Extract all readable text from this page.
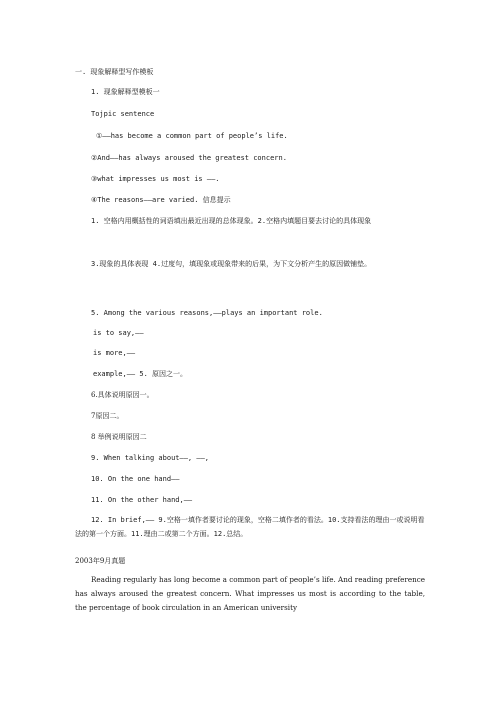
一. 现象解释型写作模板
1. 现象解释型模板一
Tojpic sentence
①——has become a common part of people’s life.
②And——has always aroused the greatest concern.
③what impresses us most is ——.
④The reasons——are varied. 信息提示
1. 空格内用概括性的词语填出最近出现的总体现象。2.空格内填题目要去讨论的具体现象
3.现象的具体表现 4.过度句，填现象或现象带来的后果，为下文分析产生的原因做铺垫。
5. Among the various reasons,——plays an important role.
is to say,——
is more,——
example,—— 5. 原因之一。
6.具体说明原因一。
7原因二。
8 举例说明原因二
9. When talking about——, ——,
10. On the one hand——
11. On the other hand,——
12. In brief,—— 9.空格一填作者要讨论的现象，空格二填作者的看法。10.支持看法的理由一或说明看法的第一个方面。11.理由二或第二个方面。12.总结。
2003年9月真题
Reading regularly has long become a common part of people’s life. And reading preference has always aroused the greatest concern. What impresses us most is according to the table, the percentage of book circulation in an American university
